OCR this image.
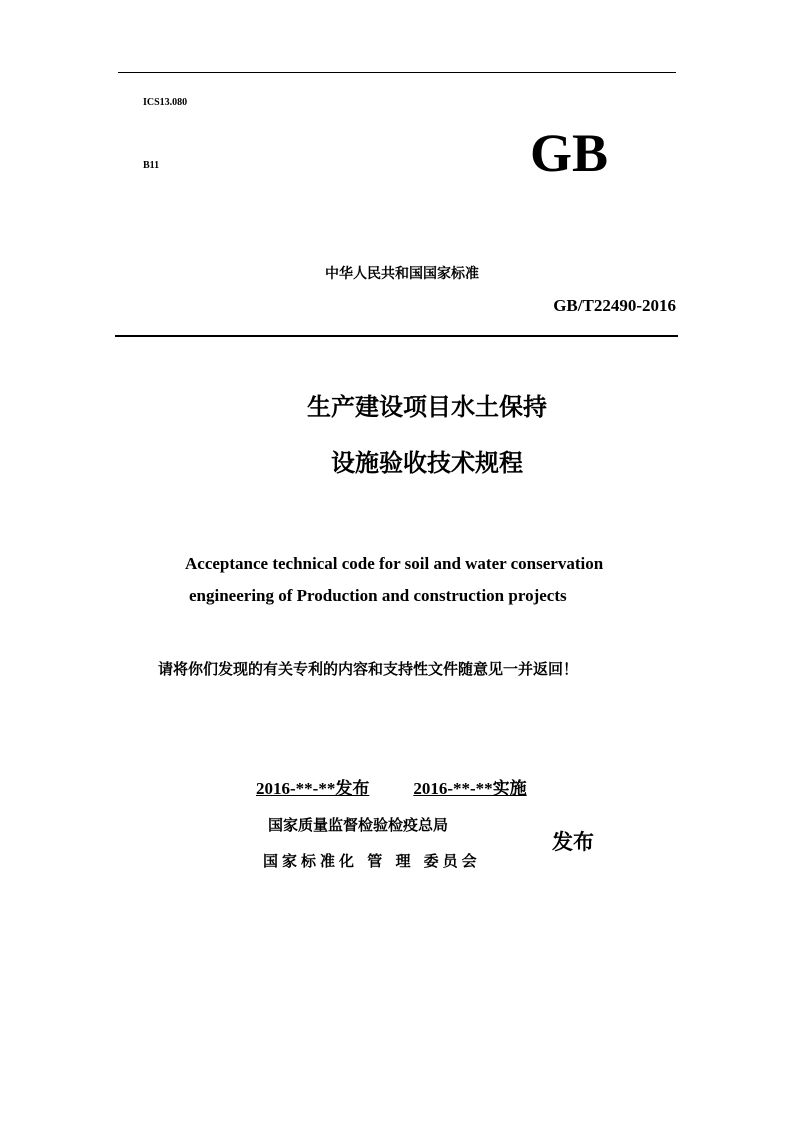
ICS13.080
B11	GB
中华人民共和国国家标准
GB/T22490-2016
生产建设项目水土保持
设施验收技术规程
Acceptance technical code for soil and water conservation
engineering of Production and construction projects
请将你们发现的有关专利的内容和支持性文件随意见一并返回！
2016-**-**发布	2016-**-**实施
国家质量监督检验检疫总局
国家标准化 管 理 委员会
发布
